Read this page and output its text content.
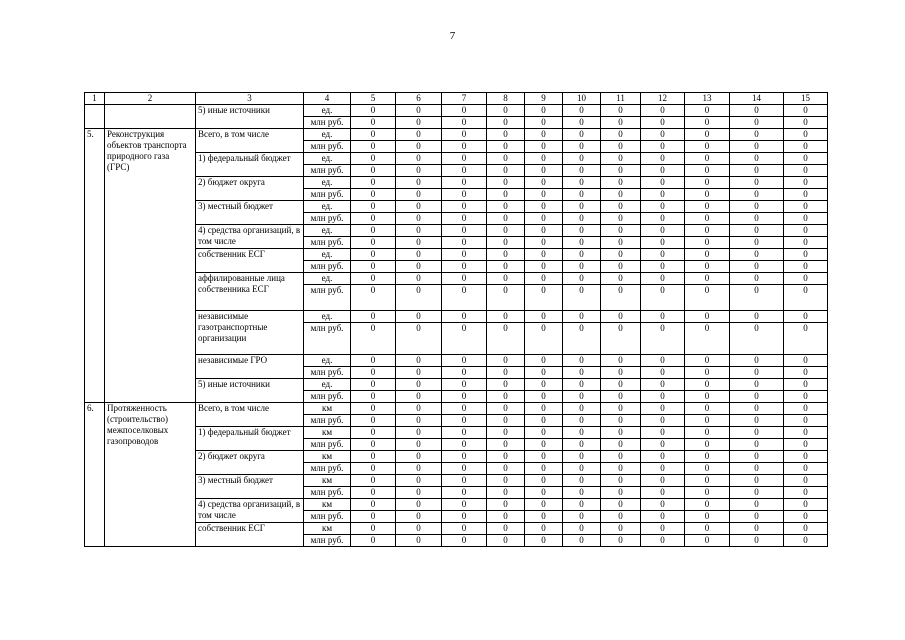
7
1	2	3	4	5	6	7	8	9	10	11	12	13	14	15
		5) иные источники	ед.	0	0	0	0	0	0	0	0	0	0	0
			млн руб.	0	0	0	0	0	0	0	0	0	0	0
5.	Реконструкция объектов транспорта природного газа (ГРС)	Всего, в том числе	ед.	0	0	0	0	0	0	0	0	0	0	0
			млн руб.	0	0	0	0	0	0	0	0	0	0	0
		1) федеральный бюджет	ед.	0	0	0	0	0	0	0	0	0	0	0
			млн руб.	0	0	0	0	0	0	0	0	0	0	0
		2) бюджет округа	ед.	0	0	0	0	0	0	0	0	0	0	0
			млн руб.	0	0	0	0	0	0	0	0	0	0	0
		3) местный бюджет	ед.	0	0	0	0	0	0	0	0	0	0	0
			млн руб.	0	0	0	0	0	0	0	0	0	0	0
		4) средства организаций, в том числе	ед.	0	0	0	0	0	0	0	0	0	0	0
			млн руб.	0	0	0	0	0	0	0	0	0	0	0
		собственник ЕСГ	ед.	0	0	0	0	0	0	0	0	0	0	0
			млн руб.	0	0	0	0	0	0	0	0	0	0	0
		аффилированные лица собственника ЕСГ	ед.	0	0	0	0	0	0	0	0	0	0	0
			млн руб.	0	0	0	0	0	0	0	0	0	0	0
		независимые газотранспортные организации	ед.	0	0	0	0	0	0	0	0	0	0	0
			млн руб.	0	0	0	0	0	0	0	0	0	0	0
		независимые ГРО	ед.	0	0	0	0	0	0	0	0	0	0	0
			млн руб.	0	0	0	0	0	0	0	0	0	0	0
		5) иные источники	ед.	0	0	0	0	0	0	0	0	0	0	0
			млн руб.	0	0	0	0	0	0	0	0	0	0	0
6.	Протяженность (строительство) межпоселковых газопроводов	Всего, в том числе	км	0	0	0	0	0	0	0	0	0	0	0
			млн руб.	0	0	0	0	0	0	0	0	0	0	0
		1) федеральный бюджет	км	0	0	0	0	0	0	0	0	0	0	0
			млн руб.	0	0	0	0	0	0	0	0	0	0	0
		2) бюджет округа	км	0	0	0	0	0	0	0	0	0	0	0
			млн руб.	0	0	0	0	0	0	0	0	0	0	0
		3) местный бюджет	км	0	0	0	0	0	0	0	0	0	0	0
			млн руб.	0	0	0	0	0	0	0	0	0	0	0
		4) средства организаций, в том числе	км	0	0	0	0	0	0	0	0	0	0	0
			млн руб.	0	0	0	0	0	0	0	0	0	0	0
		собственник ЕСГ	км	0	0	0	0	0	0	0	0	0	0	0
			млн руб.	0	0	0	0	0	0	0	0	0	0	0
